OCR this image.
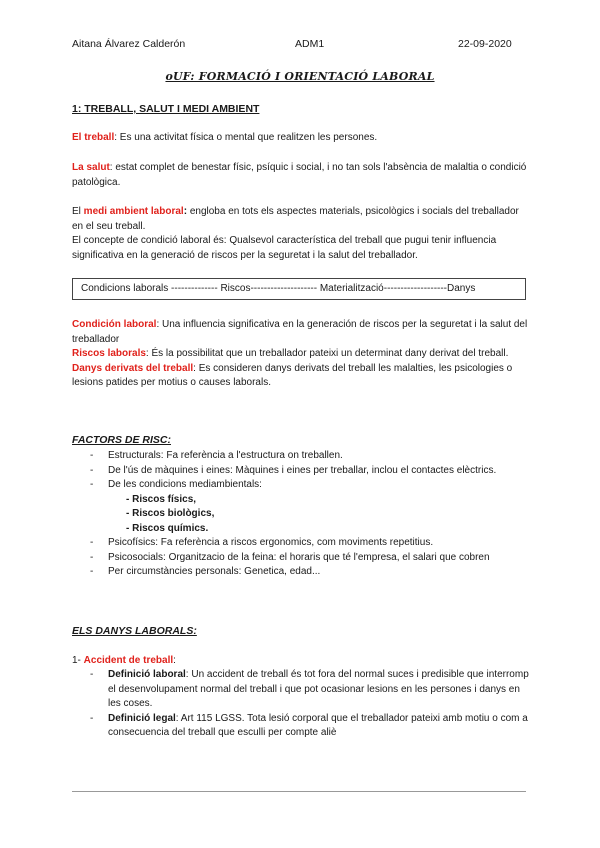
Aitana Álvarez Calderón	ADM1	22-09-2020
oUF: FORMACIÓ I ORIENTACIÓ LABORAL
1: TREBALL, SALUT I MEDI AMBIENT
El treball: Es una activitat física o mental que realitzen les persones.
La salut: estat complet de benestar físic, psíquic i social, i no tan sols l'absència de malaltia o condició patològica.
El medi ambient laboral: engloba en tots els aspectes materials, psicològics i socials del treballador en el seu treball.
El concepte de condició laboral és: Qualsevol característica del treball que pugui tenir influencia significativa en la generació de riscos per la seguretat i la salut del treballador.
Condicions laborals -------------- Riscos-------------------- Materialització-------------------Danys
Condición laboral: Una influencia significativa en la generación de riscos per la seguretat i la salut del treballador
Riscos laborals: És la possibilitat que un treballador pateixi un determinat dany derivat del treball.
Danys derivats del treball: Es consideren danys derivats del treball les malalties, les psicologies o lesions patides per motius o causes laborals.
FACTORS DE RISC:
- Estructurals: Fa referència a l'estructura on treballen.
- De l'ús de màquines i eines: Màquines i eines per treballar, inclou el contactes elèctrics.
- De les condicions mediambientals:
- Riscos físics,
- Riscos biològics,
- Riscos químics.
- Psicofísics: Fa referència a riscos ergonomics, com moviments repetitius.
- Psicosocials: Organitzacio de la feina: el horaris que té l'empresa, el salari que cobren
- Per circumstàncies personals: Genetica, edad...
ELS DANYS LABORALS:
1- Accident de treball:
- Definició laboral: Un accident de treball és tot fora del normal suces i predisible que interromp el desenvolupament normal del treball i que pot ocasionar lesions en les persones i danys en les coses.
- Definició legal: Art 115 LGSS. Tota lesió corporal que el treballador pateixi amb motiu o com a consecuencia del treball que esculli per compte aliè
